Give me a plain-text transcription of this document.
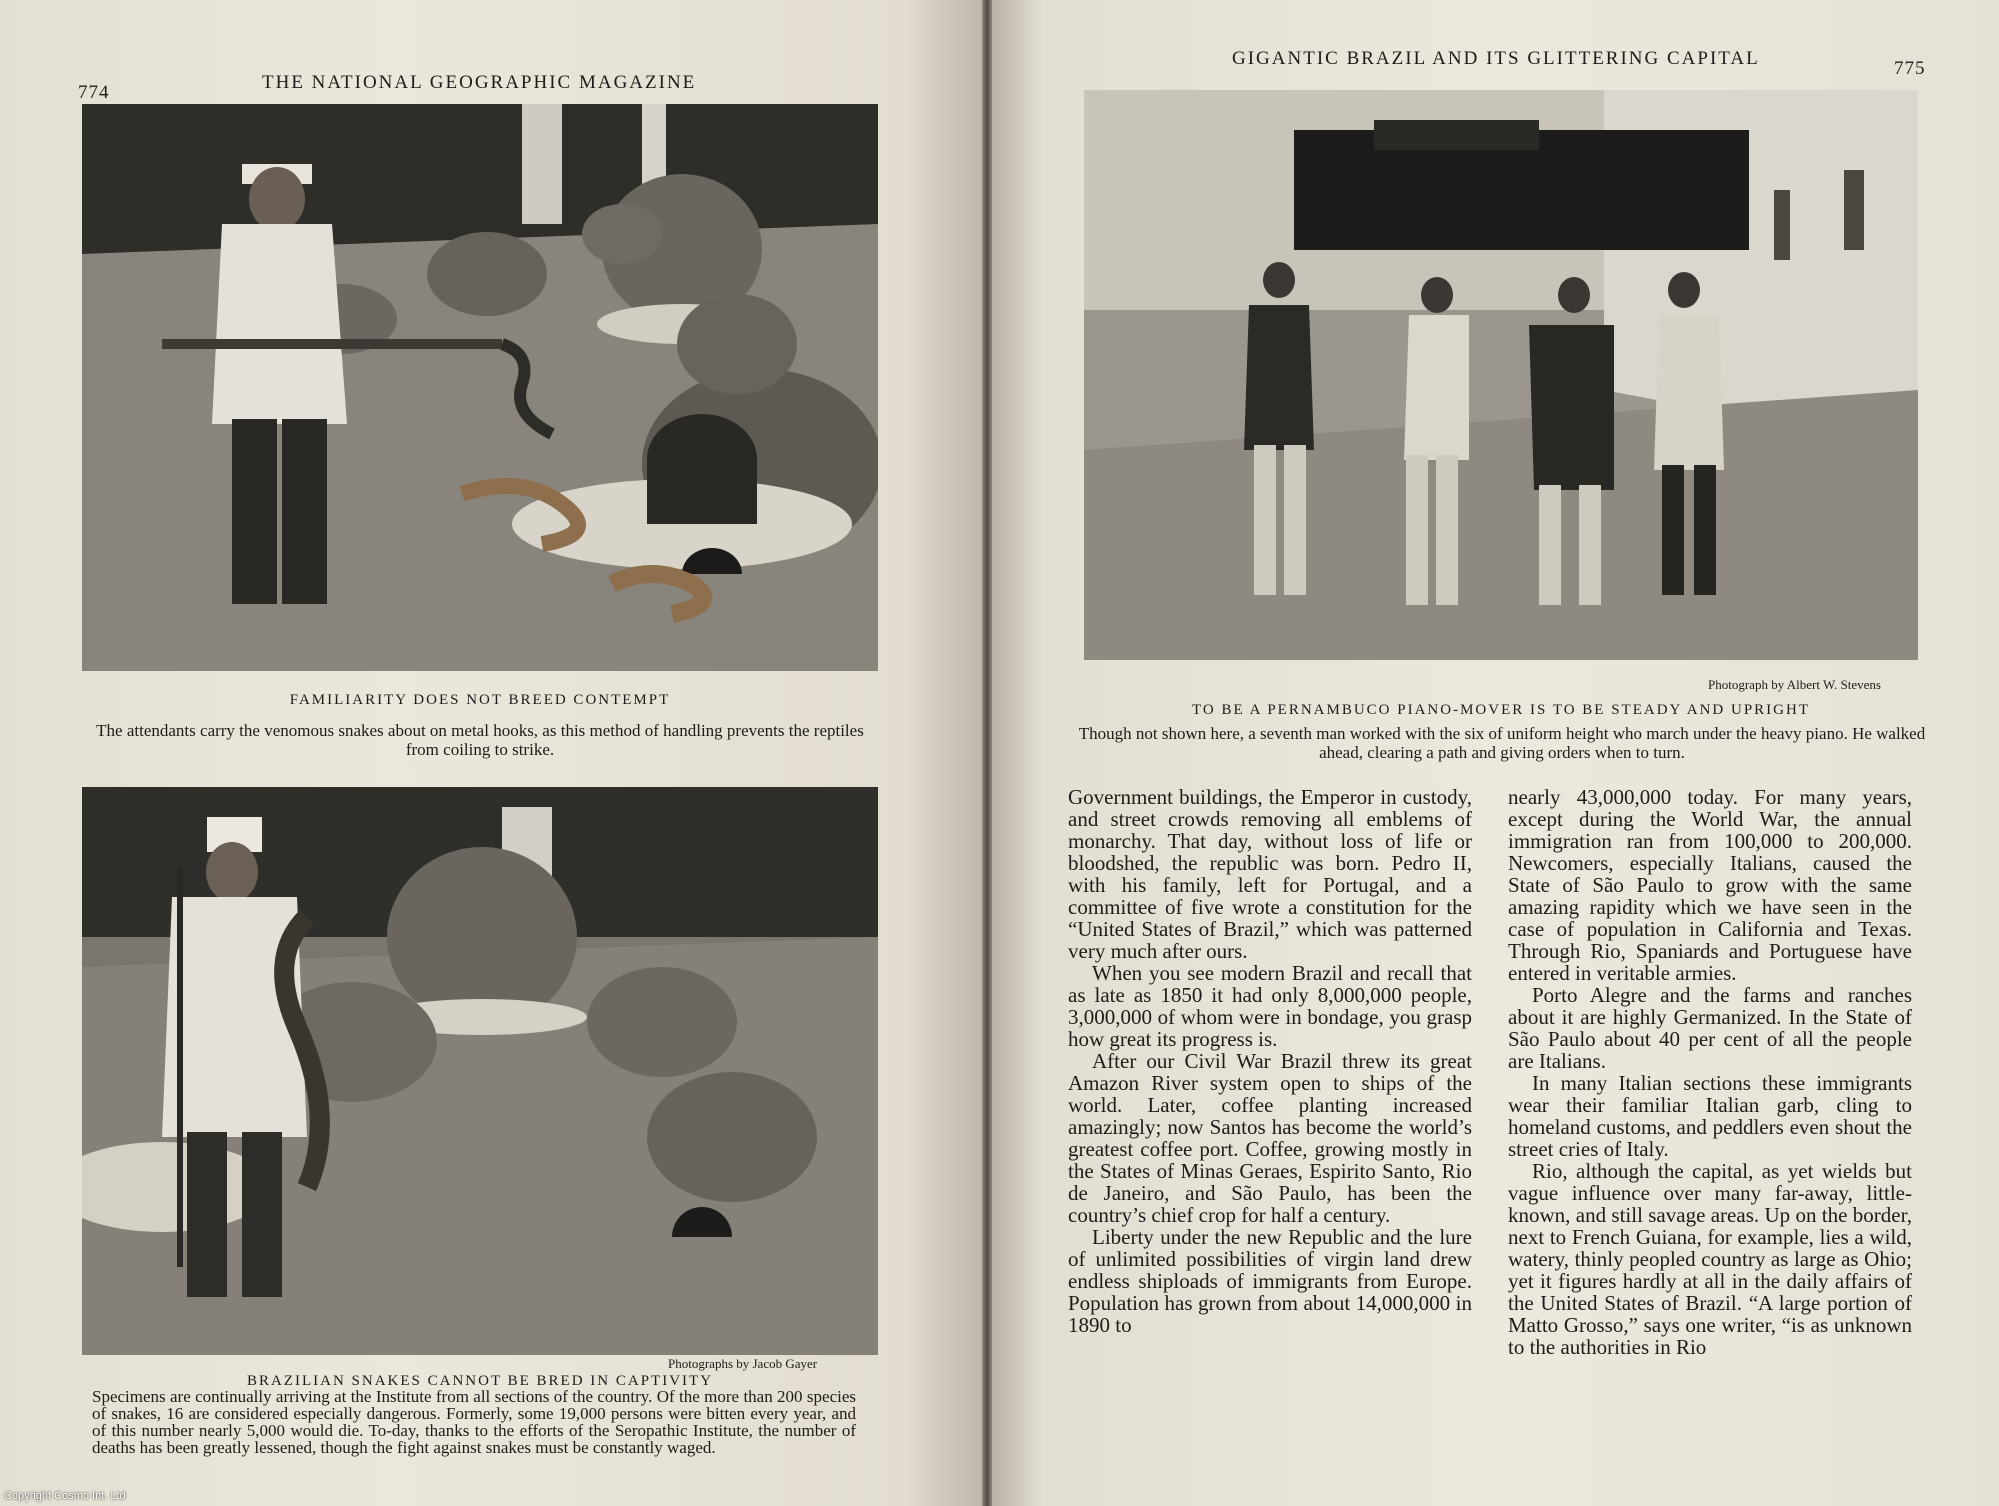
774	THE NATIONAL GEOGRAPHIC MAGAZINE
FAMILIARITY DOES NOT BREED CONTEMPT
The attendants carry the venomous snakes about on metal hooks, as this method of handling prevents the reptiles from coiling to strike.
Photographs by Jacob Gayer
BRAZILIAN SNAKES CANNOT BE BRED IN CAPTIVITY
Specimens are continually arriving at the Institute from all sections of the country. Of the more than 200 species of snakes, 16 are considered especially dangerous. Formerly, some 19,000 persons were bitten every year, and of this number nearly 5,000 would die. To-day, thanks to the efforts of the Seropathic Institute, the number of deaths has been greatly lessened, though the fight against snakes must be constantly waged.
GIGANTIC BRAZIL AND ITS GLITTERING CAPITAL	775
Photograph by Albert W. Stevens
TO BE A PERNAMBUCO PIANO-MOVER IS TO BE STEADY AND UPRIGHT
Though not shown here, a seventh man worked with the six of uniform height who march under the heavy piano. He walked ahead, clearing a path and giving orders when to turn.

Government buildings, the Emperor in custody, and street crowds removing all emblems of monarchy. That day, without loss of life or bloodshed, the republic was born. Pedro II, with his family, left for Portugal, and a committee of five wrote a constitution for the “United States of Brazil,” which was patterned very much after ours.

When you see modern Brazil and recall that as late as 1850 it had only 8,000,000 people, 3,000,000 of whom were in bondage, you grasp how great its progress is.

After our Civil War Brazil threw its great Amazon River system open to ships of the world. Later, coffee planting increased amazingly; now Santos has become the world’s greatest coffee port. Coffee, growing mostly in the States of Minas Geraes, Espirito Santo, Rio de Janeiro, and São Paulo, has been the country’s chief crop for half a century.

Liberty under the new Republic and the lure of unlimited possibilities of virgin land drew endless shiploads of immigrants from Europe. Population has grown from about 14,000,000 in 1890 to

nearly 43,000,000 today. For many years, except during the World War, the annual immigration ran from 100,000 to 200,000. Newcomers, especially Italians, caused the State of São Paulo to grow with the same amazing rapidity which we have seen in the case of population in California and Texas. Through Rio, Spaniards and Portuguese have entered in veritable armies.

Porto Alegre and the farms and ranches about it are highly Germanized. In the State of São Paulo about 40 per cent of all the people are Italians.

In many Italian sections these immigrants wear their familiar Italian garb, cling to homeland customs, and peddlers even shout the street cries of Italy.

Rio, although the capital, as yet wields but vague influence over many far-away, little-known, and still savage areas. Up on the border, next to French Guiana, for example, lies a wild, watery, thinly peopled country as large as Ohio; yet it figures hardly at all in the daily affairs of the United States of Brazil. “A large portion of Matto Grosso,” says one writer, “is as unknown to the authorities in Rio

Copyright Cosmo Int. Ltd
